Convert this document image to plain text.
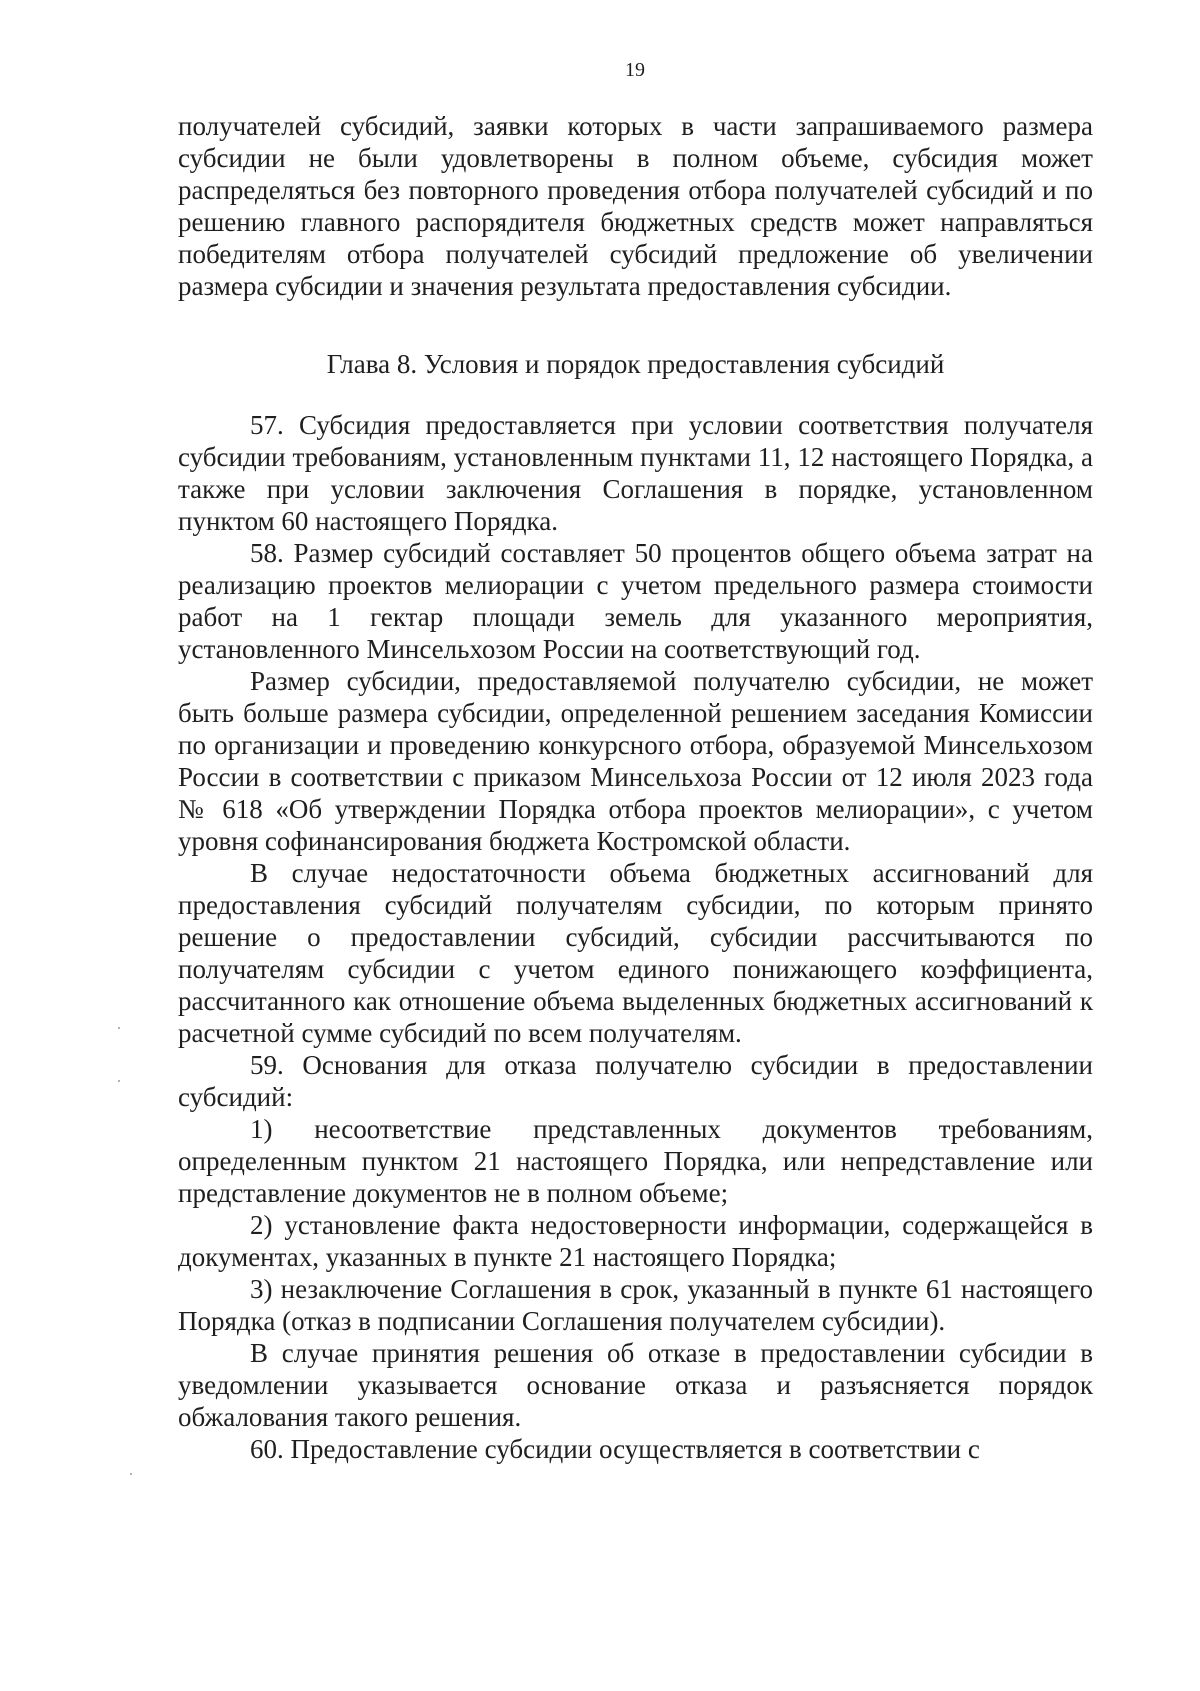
19

получателей субсидий, заявки которых в части запрашиваемого размера субсидии не были удовлетворены в полном объеме, субсидия может распределяться без повторного проведения отбора получателей субсидий и по решению главного распорядителя бюджетных средств может направляться победителям отбора получателей субсидий предложение об увеличении размера субсидии и значения результата предоставления субсидии.

Глава 8. Условия и порядок предоставления субсидий

57. Субсидия предоставляется при условии соответствия получателя субсидии требованиям, установленным пунктами 11, 12 настоящего Порядка, а также при условии заключения Соглашения в порядке, установленном пунктом 60 настоящего Порядка.

58. Размер субсидий составляет 50 процентов общего объема затрат на реализацию проектов мелиорации с учетом предельного размера стоимости работ на 1 гектар площади земель для указанного мероприятия, установленного Минсельхозом России на соответствующий год.

Размер субсидии, предоставляемой получателю субсидии, не может быть больше размера субсидии, определенной решением заседания Комиссии по организации и проведению конкурсного отбора, образуемой Минсельхозом России в соответствии с приказом Минсельхоза России от 12 июля 2023 года № 618 «Об утверждении Порядка отбора проектов мелиорации», с учетом уровня софинансирования бюджета Костромской области.

В случае недостаточности объема бюджетных ассигнований для предоставления субсидий получателям субсидии, по которым принято решение о предоставлении субсидий, субсидии рассчитываются по получателям субсидии с учетом единого понижающего коэффициента, рассчитанного как отношение объема выделенных бюджетных ассигнований к расчетной сумме субсидий по всем получателям.

59. Основания для отказа получателю субсидии в предоставлении субсидий:

1) несоответствие представленных документов требованиям, определенным пунктом 21 настоящего Порядка, или непредставление или представление документов не в полном объеме;

2) установление факта недостоверности информации, содержащейся в документах, указанных в пункте 21 настоящего Порядка;

3) незаключение Соглашения в срок, указанный в пункте 61 настоящего Порядка (отказ в подписании Соглашения получателем субсидии).

В случае принятия решения об отказе в предоставлении субсидии в уведомлении указывается основание отказа и разъясняется порядок обжалования такого решения.

60. Предоставление субсидии осуществляется в соответствии с
